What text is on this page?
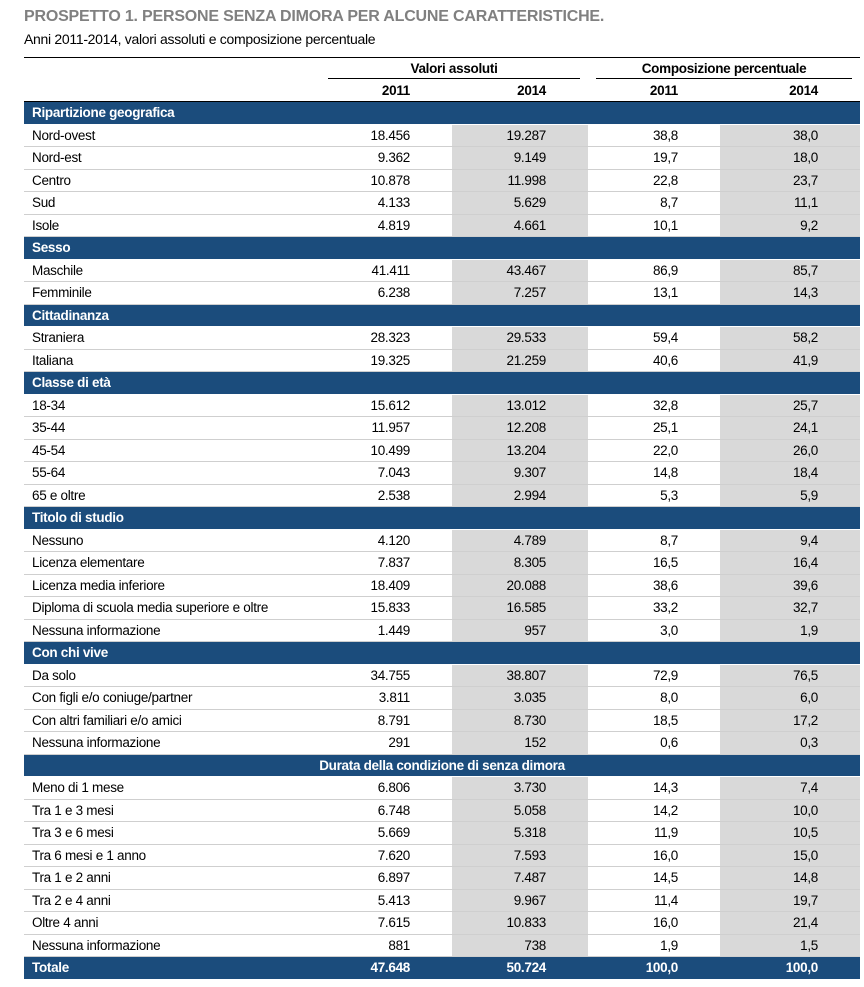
PROSPETTO 1. PERSONE SENZA DIMORA PER ALCUNE CARATTERISTICHE.
Anni 2011-2014, valori assoluti e composizione percentuale
	Valori assoluti		Composizione percentuale	

	2011	2014	2011	2014
Ripartizione geografica				
Nord-ovest	18.456	19.287	38,8	38,0
Nord-est	9.362	9.149	19,7	18,0
Centro	10.878	11.998	22,8	23,7
Sud	4.133	5.629	8,7	11,1
Isole	4.819	4.661	10,1	9,2
Sesso				
Maschile	41.411	43.467	86,9	85,7
Femminile	6.238	7.257	13,1	14,3
Cittadinanza				
Straniera	28.323	29.533	59,4	58,2
Italiana	19.325	21.259	40,6	41,9
Classe di età				
18-34	15.612	13.012	32,8	25,7
35-44	11.957	12.208	25,1	24,1
45-54	10.499	13.204	22,0	26,0
55-64	7.043	9.307	14,8	18,4
65 e oltre	2.538	2.994	5,3	5,9
Titolo di studio				
Nessuno	4.120	4.789	8,7	9,4
Licenza elementare	7.837	8.305	16,5	16,4
Licenza media inferiore	18.409	20.088	38,6	39,6
Diploma di scuola media superiore e oltre	15.833	16.585	33,2	32,7
Nessuna informazione	1.449	957	3,0	1,9
Con chi vive				
Da solo	34.755	38.807	72,9	76,5
Con figli e/o coniuge/partner	3.811	3.035	8,0	6,0
Con altri familiari e/o amici	8.791	8.730	18,5	17,2
Nessuna informazione	291	152	0,6	0,3
Durata della condizione di senza dimora				
Meno di 1 mese	6.806	3.730	14,3	7,4
Tra 1 e 3 mesi	6.748	5.058	14,2	10,0
Tra 3 e 6 mesi	5.669	5.318	11,9	10,5
Tra 6 mesi e 1 anno	7.620	7.593	16,0	15,0
Tra 1 e 2 anni	6.897	7.487	14,5	14,8
Tra 2 e 4 anni	5.413	9.967	11,4	19,7
Oltre 4 anni	7.615	10.833	16,0	21,4
Nessuna informazione	881	738	1,9	1,5
Totale	47.648	50.724	100,0	100,0
